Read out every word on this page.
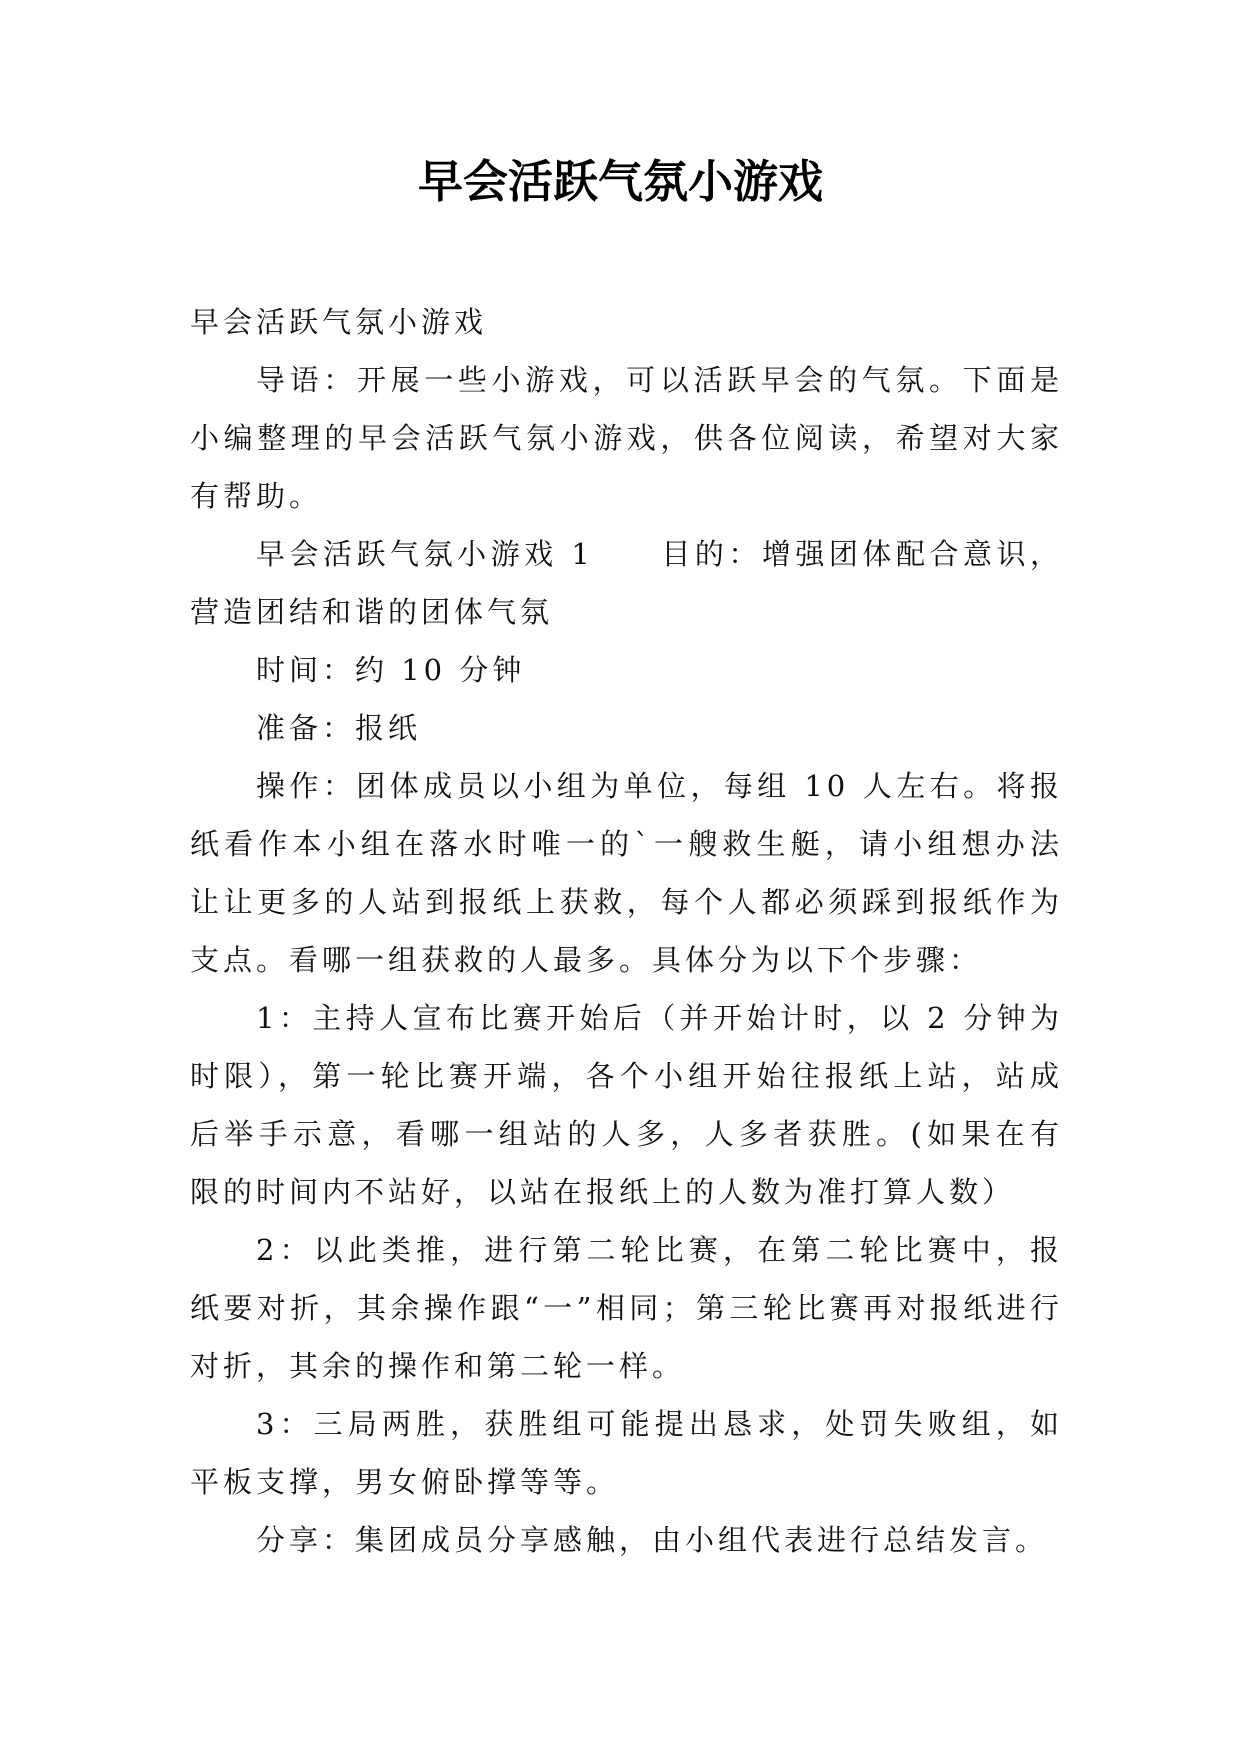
早会活跃气氛小游戏

早会活跃气氛小游戏

导语：开展一些小游戏，可以活跃早会的气氛。下面是小编整理的早会活跃气氛小游戏，供各位阅读，希望对大家有帮助。

早会活跃气氛小游戏 1　　目的：增强团体配合意识，营造团结和谐的团体气氛

时间：约 10 分钟

准备：报纸

操作：团体成员以小组为单位，每组 10 人左右。将报纸看作本小组在落水时唯一的`一艘救生艇，请小组想办法让让更多的人站到报纸上获救，每个人都必须踩到报纸作为支点。看哪一组获救的人最多。具体分为以下个步骤：

1：主持人宣布比赛开始后（并开始计时，以 2 分钟为时限），第一轮比赛开端，各个小组开始往报纸上站，站成后举手示意，看哪一组站的人多，人多者获胜。(如果在有限的时间内不站好，以站在报纸上的人数为准打算人数）

2：以此类推，进行第二轮比赛，在第二轮比赛中，报纸要对折，其余操作跟“一”相同；第三轮比赛再对报纸进行对折，其余的操作和第二轮一样。

3：三局两胜，获胜组可能提出恳求，处罚失败组，如平板支撑，男女俯卧撑等等。

分享：集团成员分享感触，由小组代表进行总结发言。
